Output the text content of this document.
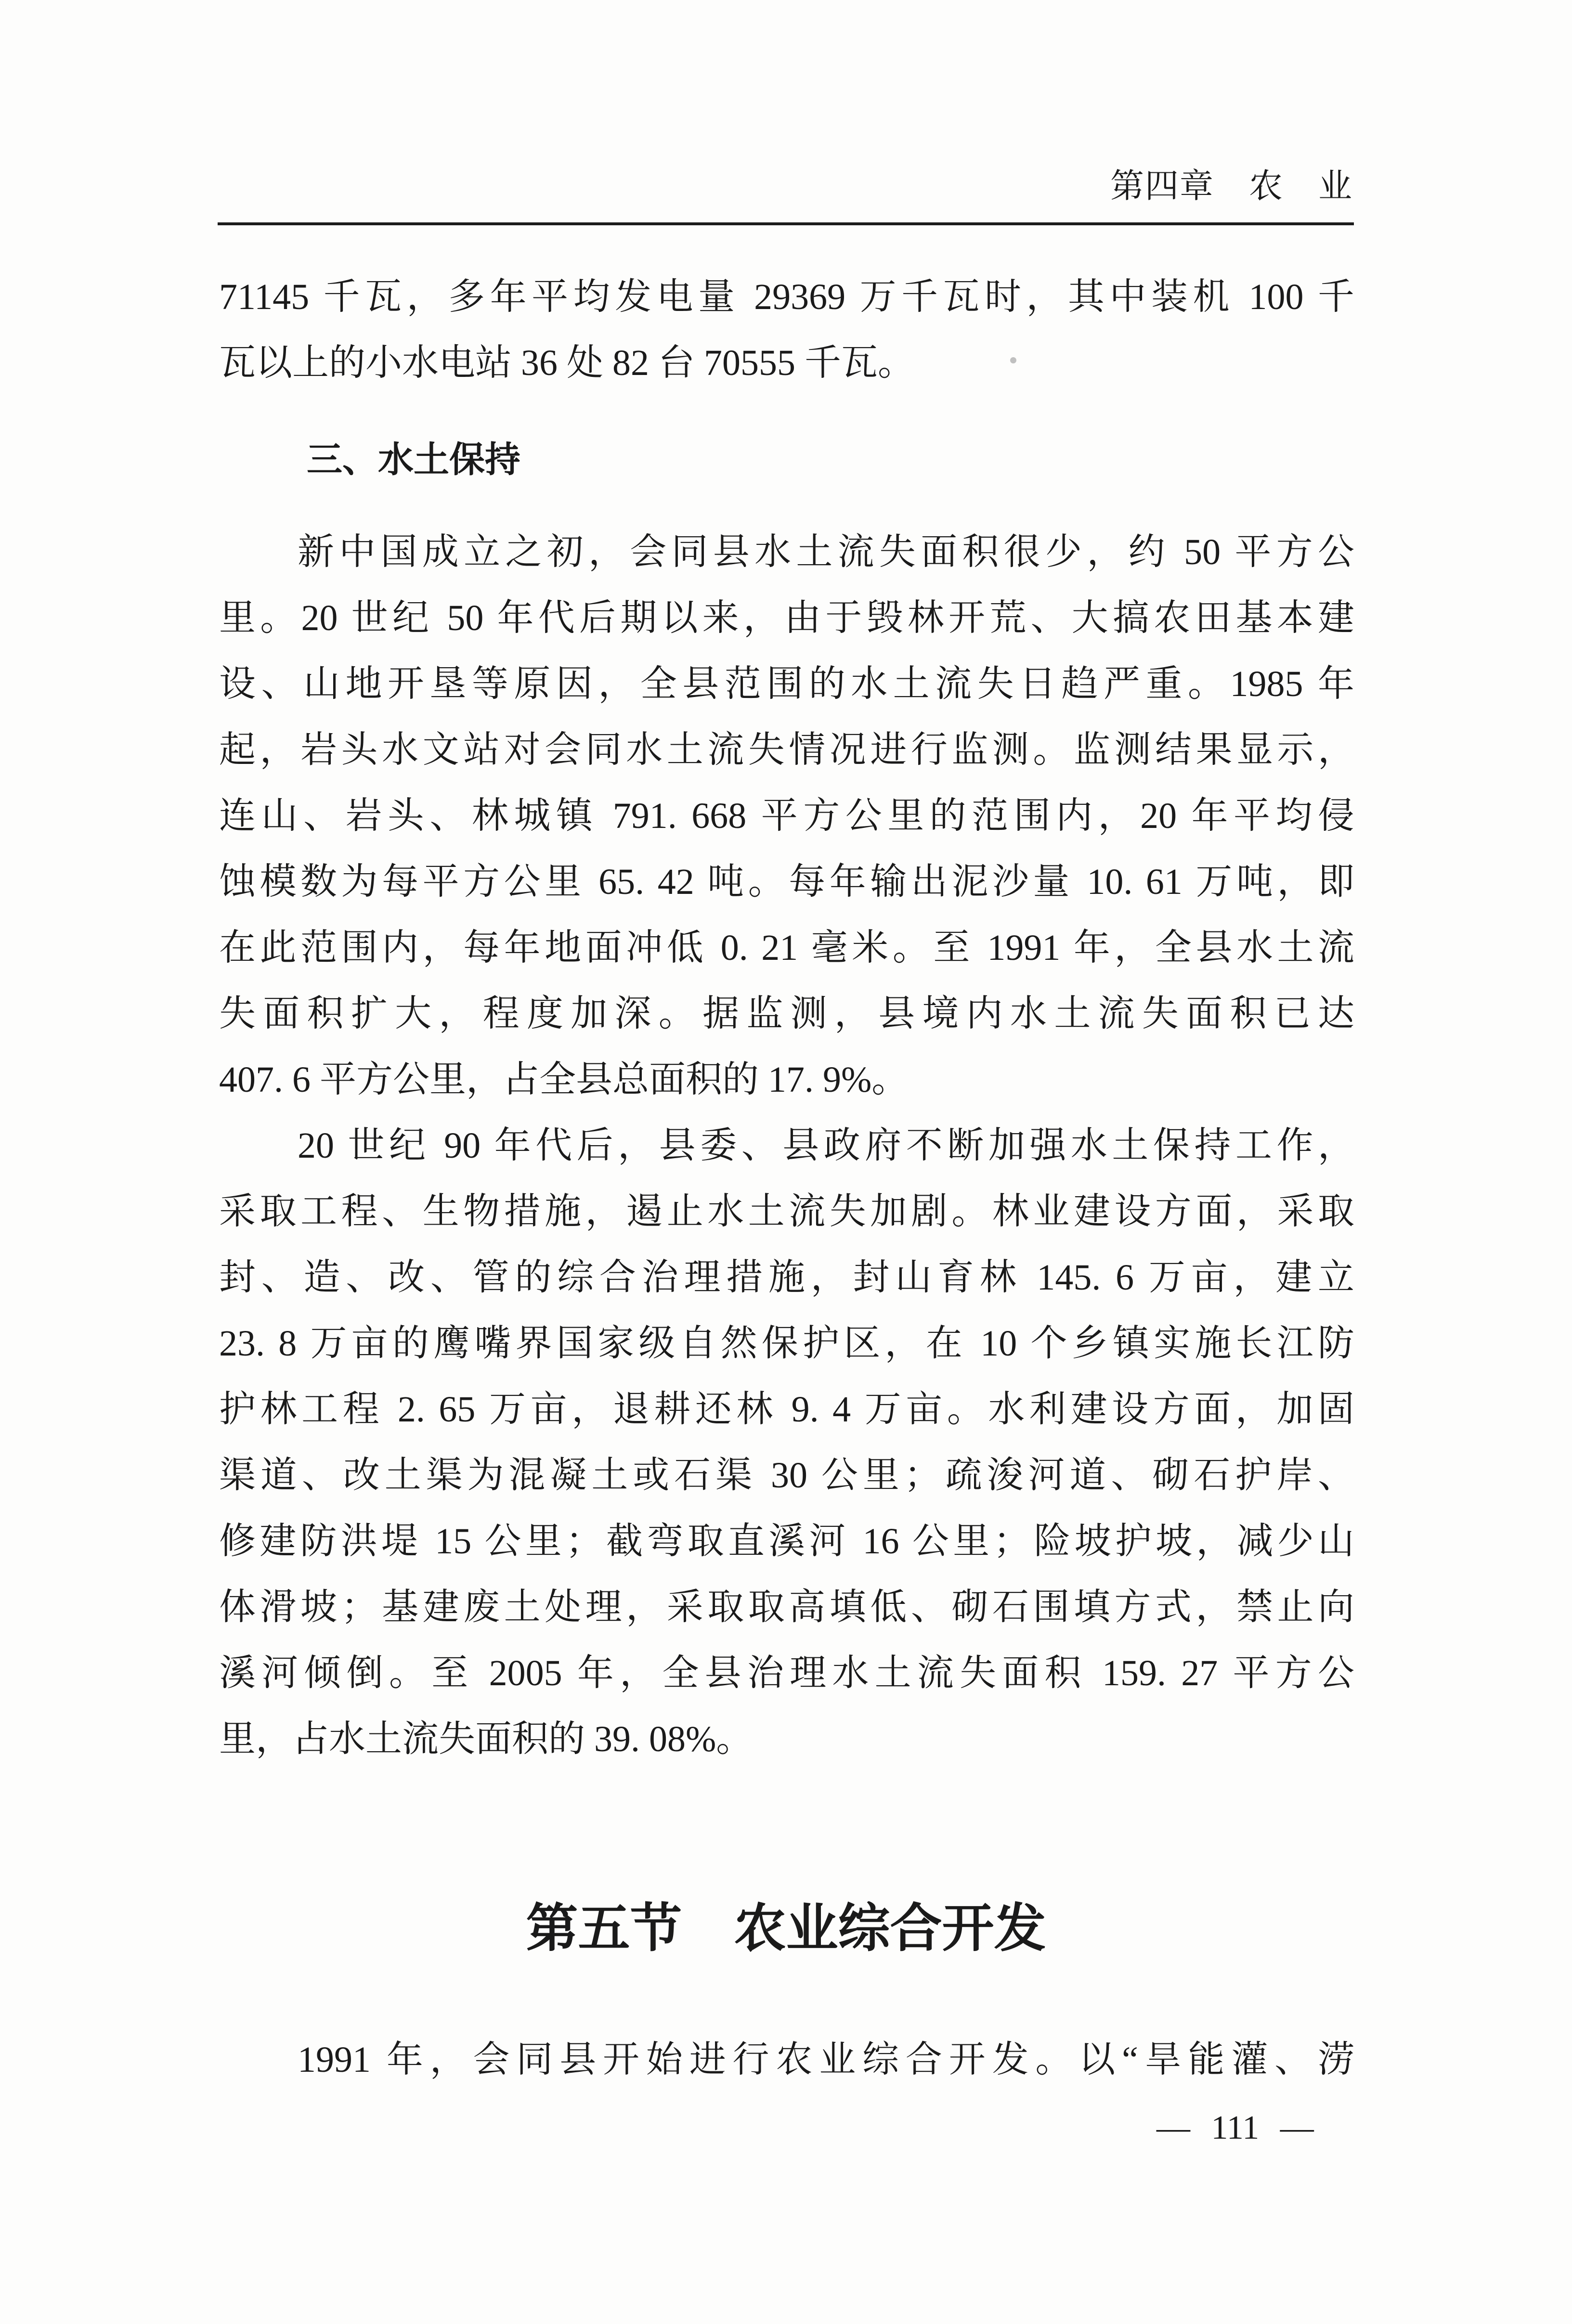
第四章　农　业
71145 千瓦，多年平均发电量 29369 万千瓦时，其中装机 100 千
瓦以上的小水电站 36 处 82 台 70555 千瓦。
三、水土保持
新中国成立之初，会同县水土流失面积很少，约 50 平方公
里。20 世纪 50 年代后期以来，由于毁林开荒、大搞农田基本建
设、山地开垦等原因，全县范围的水土流失日趋严重。1985 年
起，岩头水文站对会同水土流失情况进行监测。监测结果显示，
连山、岩头、林城镇 791. 668 平方公里的范围内，20 年平均侵
蚀模数为每平方公里 65. 42 吨。每年输出泥沙量 10. 61 万吨，即
在此范围内，每年地面冲低 0. 21 毫米。至 1991 年，全县水土流
失面积扩大，程度加深。据监测，县境内水土流失面积已达
407. 6 平方公里，占全县总面积的 17. 9%。
20 世纪 90 年代后，县委、县政府不断加强水土保持工作，
采取工程、生物措施，遏止水土流失加剧。林业建设方面，采取
封、造、改、管的综合治理措施，封山育林 145. 6 万亩，建立
23. 8 万亩的鹰嘴界国家级自然保护区，在 10 个乡镇实施长江防
护林工程 2. 65 万亩，退耕还林 9. 4 万亩。水利建设方面，加固
渠道、改土渠为混凝土或石渠 30 公里；疏浚河道、砌石护岸、
修建防洪堤 15 公里；截弯取直溪河 16 公里；险坡护坡，减少山
体滑坡；基建废土处理，采取取高填低、砌石围填方式，禁止向
溪河倾倒。至 2005 年，全县治理水土流失面积 159. 27 平方公
里，占水土流失面积的 39. 08%。
第五节　农业综合开发
1991 年，会同县开始进行农业综合开发。以“旱能灌、涝
— 111 —
